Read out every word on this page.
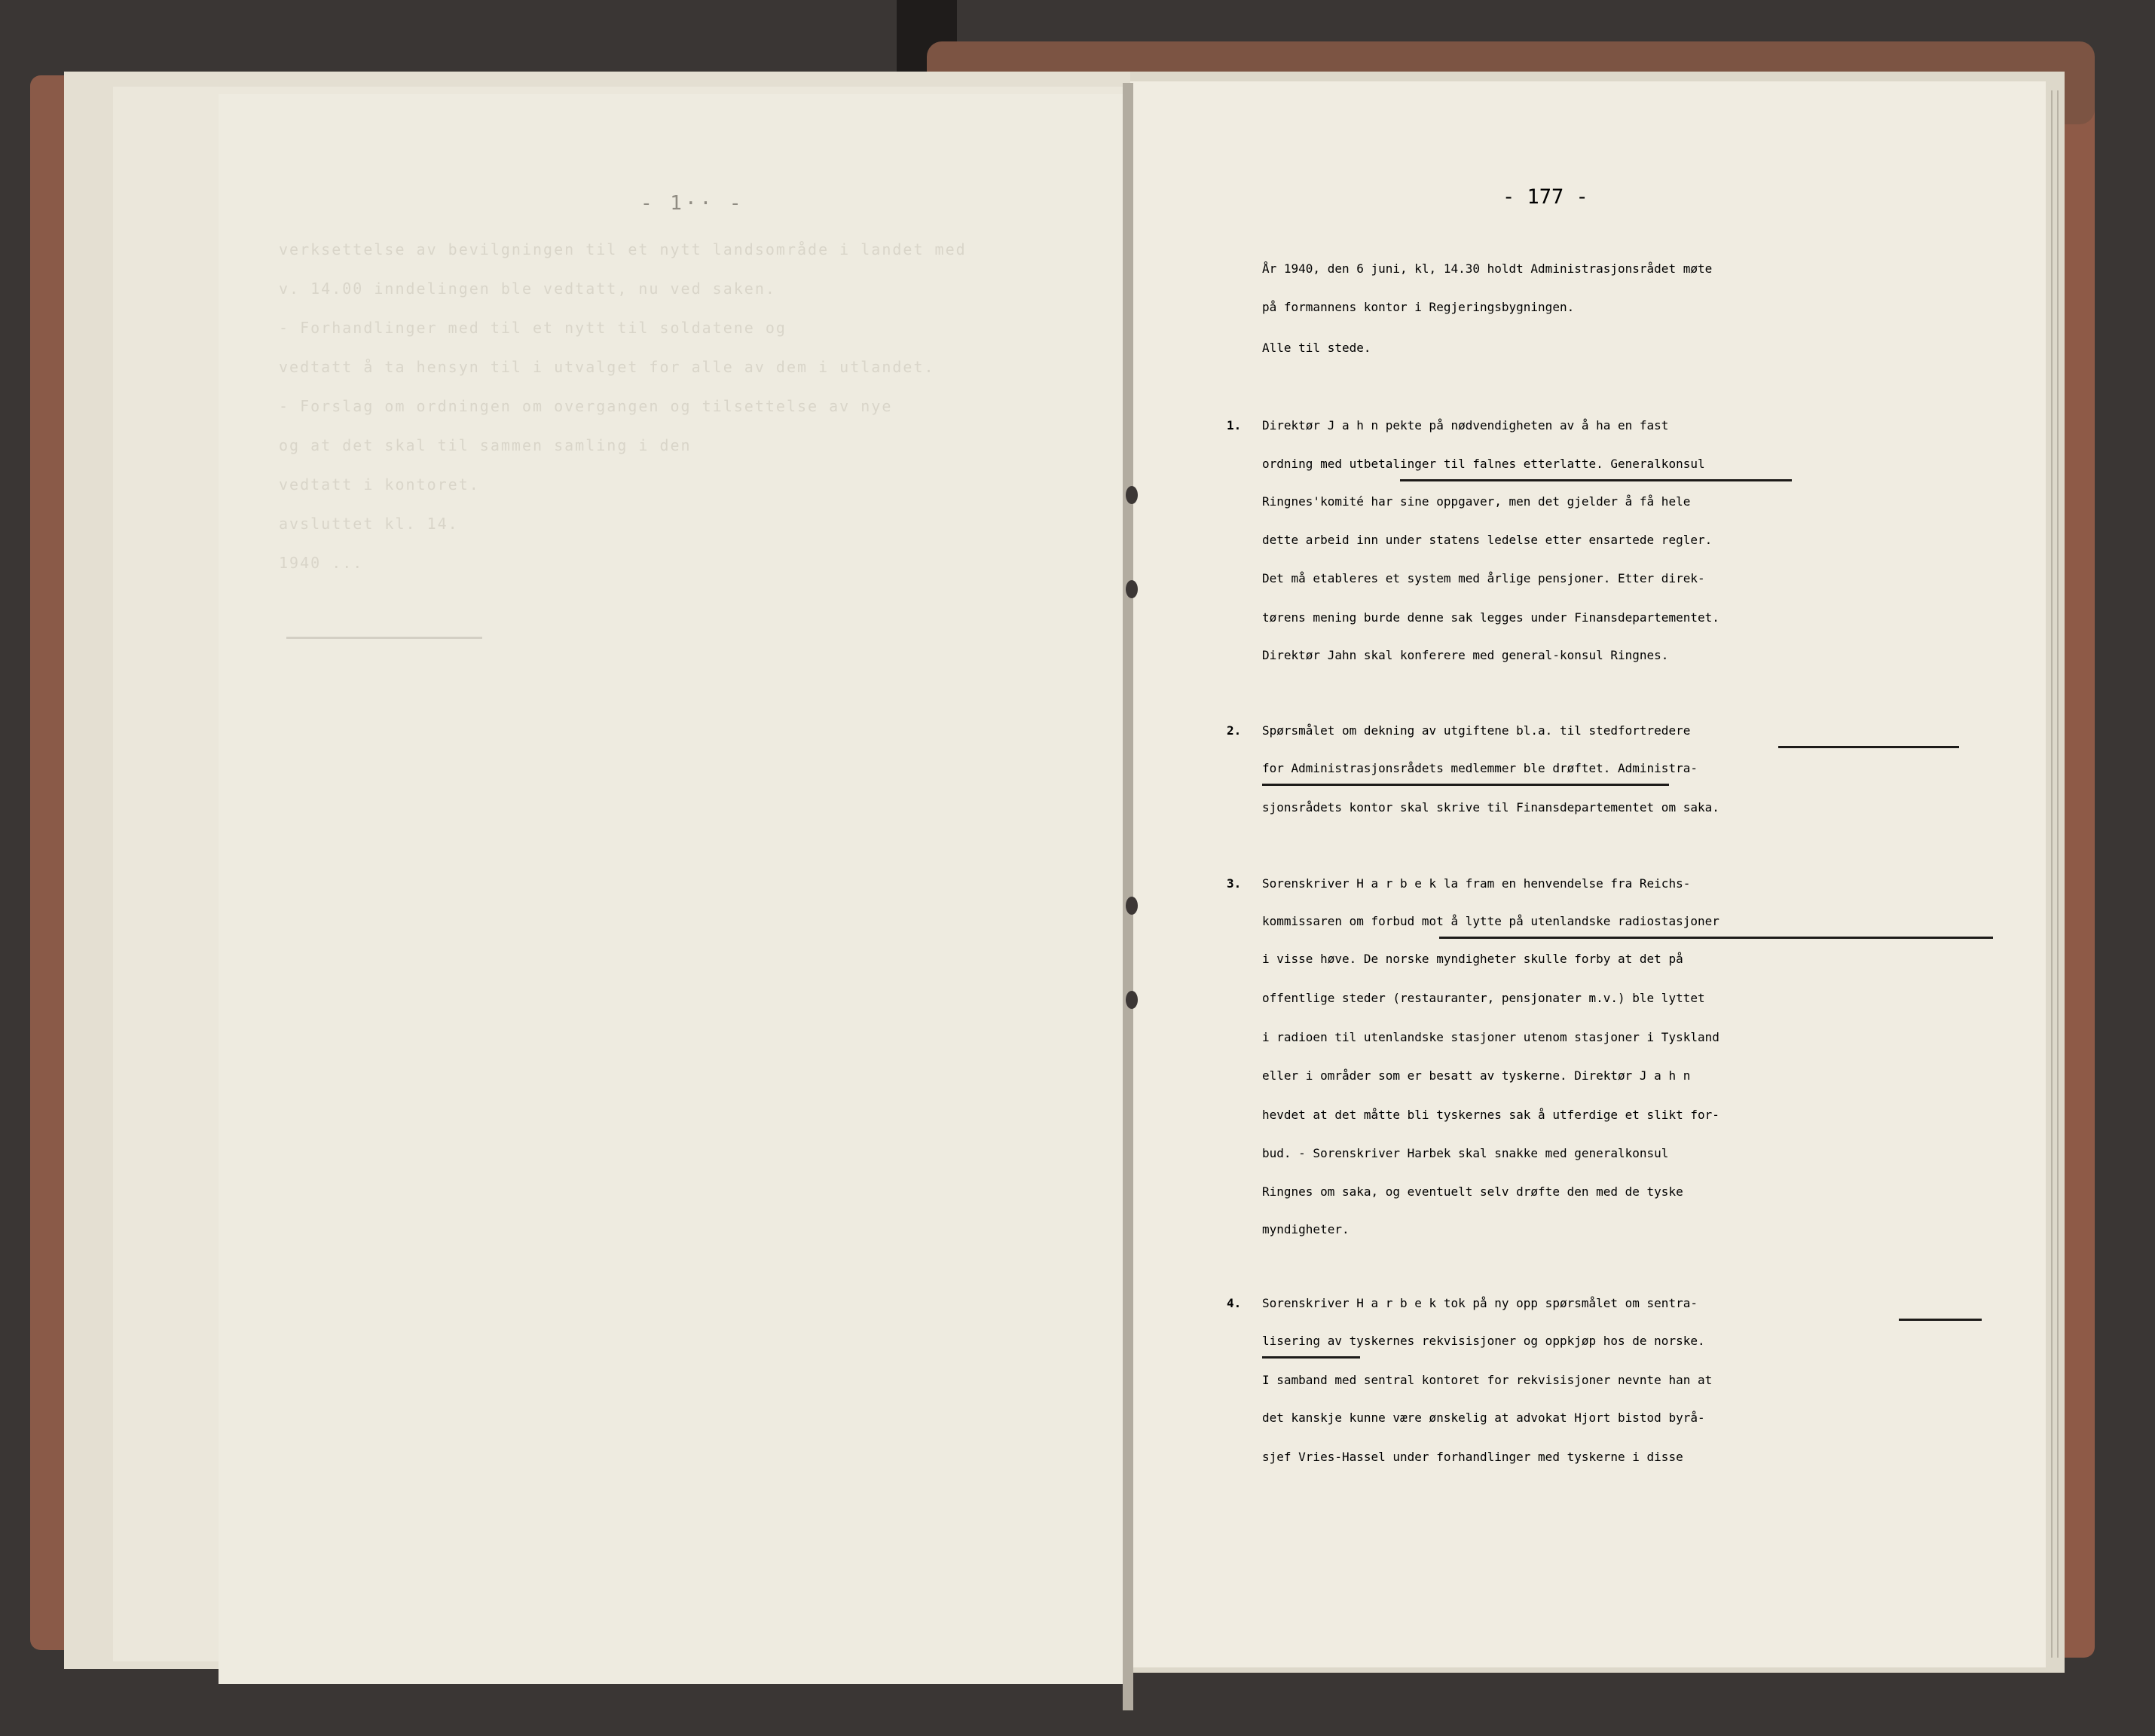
- 1·· -
verksettelse av bevilgningen til et nytt landsområde i landet med
v. 14.00 inndelingen ble vedtatt, nu ved saken.
- Forhandlinger med til et nytt til soldatene og
vedtatt å ta hensyn til i utvalget for alle av dem i utlandet.
- Forslag om ordningen om overgangen og tilsettelse av nye
og at det skal til sammen samling i den
vedtatt i kontoret.
avsluttet kl. 14.
1940 ...
- 177 -
År 1940, den 6 juni, kl, 14.30 holdt Administrasjonsrådet møte
på formannens kontor i Regjeringsbygningen.
Alle til stede.
1. Direktør J a h n pekte på nødvendigheten av å ha en fast
ordning med utbetalinger til falnes etterlatte. Generalkonsul
Ringnes'komité har sine oppgaver, men det gjelder å få hele
dette arbeid inn under statens ledelse etter ensartede regler.
Det må etableres et system med årlige pensjoner. Etter direk-
tørens mening burde denne sak legges under Finansdepartementet.
Direktør Jahn skal konferere med general-konsul Ringnes.
2. Spørsmålet om dekning av utgiftene bl.a. til stedfortredere
for Administrasjonsrådets medlemmer ble drøftet. Administra-
sjonsrådets kontor skal skrive til Finansdepartementet om saka.
3. Sorenskriver H a r b e k la fram en henvendelse fra Reichs-
kommissaren om forbud mot å lytte på utenlandske radiostasjoner
i visse høve. De norske myndigheter skulle forby at det på
offentlige steder (restauranter, pensjonater m.v.) ble lyttet
i radioen til utenlandske stasjoner utenom stasjoner i Tyskland
eller i områder som er besatt av tyskerne. Direktør J a h n
hevdet at det måtte bli tyskernes sak å utferdige et slikt for-
bud. - Sorenskriver Harbek skal snakke med generalkonsul
Ringnes om saka, og eventuelt selv drøfte den med de tyske
myndigheter.
4. Sorenskriver H a r b e k tok på ny opp spørsmålet om sentra-
lisering av tyskernes rekvisisjoner og oppkjøp hos de norske.
I samband med sentral kontoret for rekvisisjoner nevnte han at
det kanskje kunne være ønskelig at advokat Hjort bistod byrå-
sjef Vries-Hassel under forhandlinger med tyskerne i disse
